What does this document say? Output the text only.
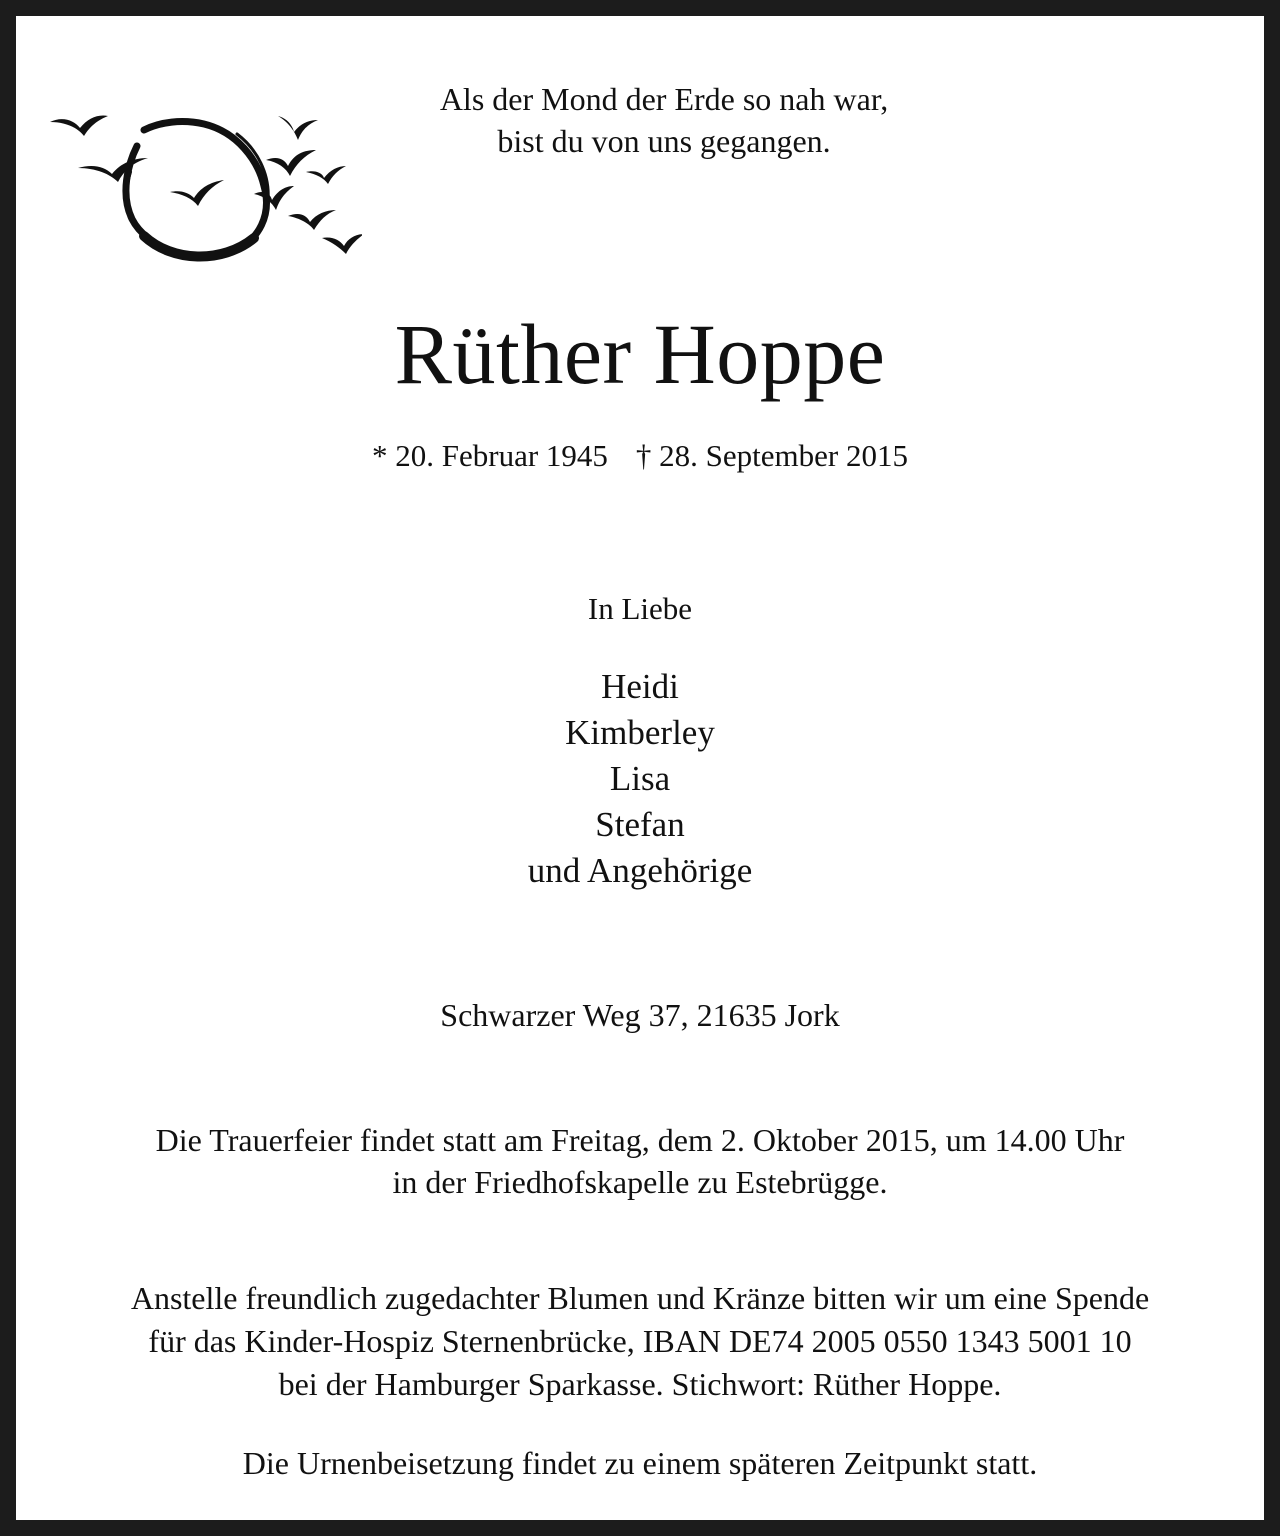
Als der Mond der Erde so nah war,
bist du von uns gegangen.

Rüther Hoppe

* 20. Februar 1945 † 28. September 2015

In Liebe

Heidi
Kimberley
Lisa
Stefan
und Angehörige

Schwarzer Weg 37, 21635 Jork

Die Trauerfeier findet statt am Freitag, dem 2. Oktober 2015, um 14.00 Uhr
in der Friedhofskapelle zu Estebrügge.

Anstelle freundlich zugedachter Blumen und Kränze bitten wir um eine Spende
für das Kinder-Hospiz Sternenbrücke, IBAN DE74 2005 0550 1343 5001 10
bei der Hamburger Sparkasse. Stichwort: Rüther Hoppe.

Die Urnenbeisetzung findet zu einem späteren Zeitpunkt statt.
